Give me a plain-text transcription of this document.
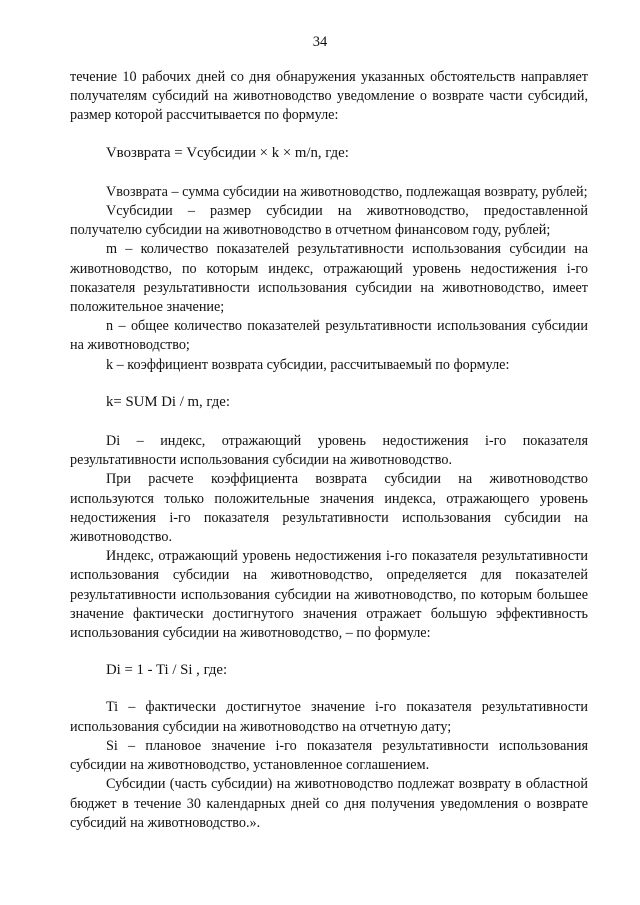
34

течение 10 рабочих дней со дня обнаружения указанных обстоятельств направляет получателям субсидий на животноводство уведомление о возврате части субсидий, размер которой рассчитывается по формуле:

Vвозврата = Vсубсидии × k × m/n, где:

Vвозврата – сумма субсидии на животноводство, подлежащая возврату, рублей;

Vсубсидии – размер субсидии на животноводство, предоставленной получателю субсидии на животноводство в отчетном финансовом году, рублей;

m – количество показателей результативности использования субсидии на животноводство, по которым индекс, отражающий уровень недостижения i-го показателя результативности использования субсидии на животноводство, имеет положительное значение;

n – общее количество показателей результативности использования субсидии на животноводство;

k – коэффициент возврата субсидии, рассчитываемый по формуле:

k= SUM Di / m, где:

Di – индекс, отражающий уровень недостижения i-го показателя результативности использования субсидии на животноводство.

При расчете коэффициента возврата субсидии на животноводство используются только положительные значения индекса, отражающего уровень недостижения i-го показателя результативности использования субсидии на животноводство.

Индекс, отражающий уровень недостижения i-го показателя результативности использования субсидии на животноводство, определяется для показателей результативности использования субсидии на животноводство, по которым большее значение фактически достигнутого значения отражает большую эффективность использования субсидии на животноводство, – по формуле:

Di = 1 - Ti / Si , где:

Ti – фактически достигнутое значение i-го показателя результативности использования субсидии на животноводство на отчетную дату;

Si – плановое значение i-го показателя результативности использования субсидии на животноводство, установленное соглашением.

Субсидии (часть субсидии) на животноводство подлежат возврату в областной бюджет в течение 30 календарных дней со дня получения уведомления о возврате субсидий на животноводство.».
